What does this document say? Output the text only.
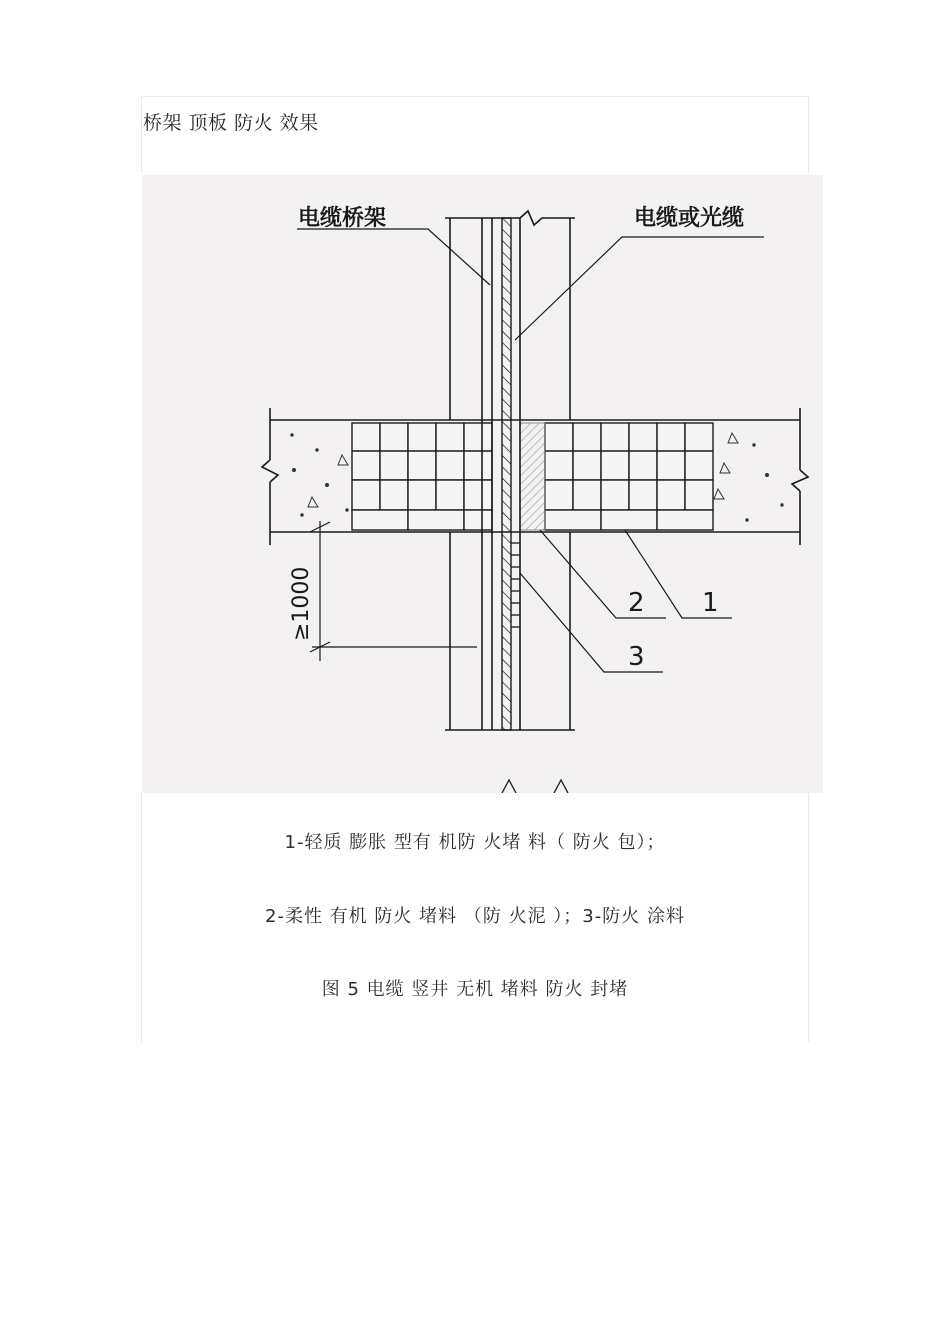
桥架 顶板 防火 效果
电缆桥架	电缆或光缆
≥1000	2 1
3
1-轻质 膨胀 型有 机防 火堵 料（ 防火 包）；
2-柔性 有机 防火 堵料 （防 火泥 ）；3-防火 涂料
图 5 电缆 竖井 无机 堵料 防火 封堵
